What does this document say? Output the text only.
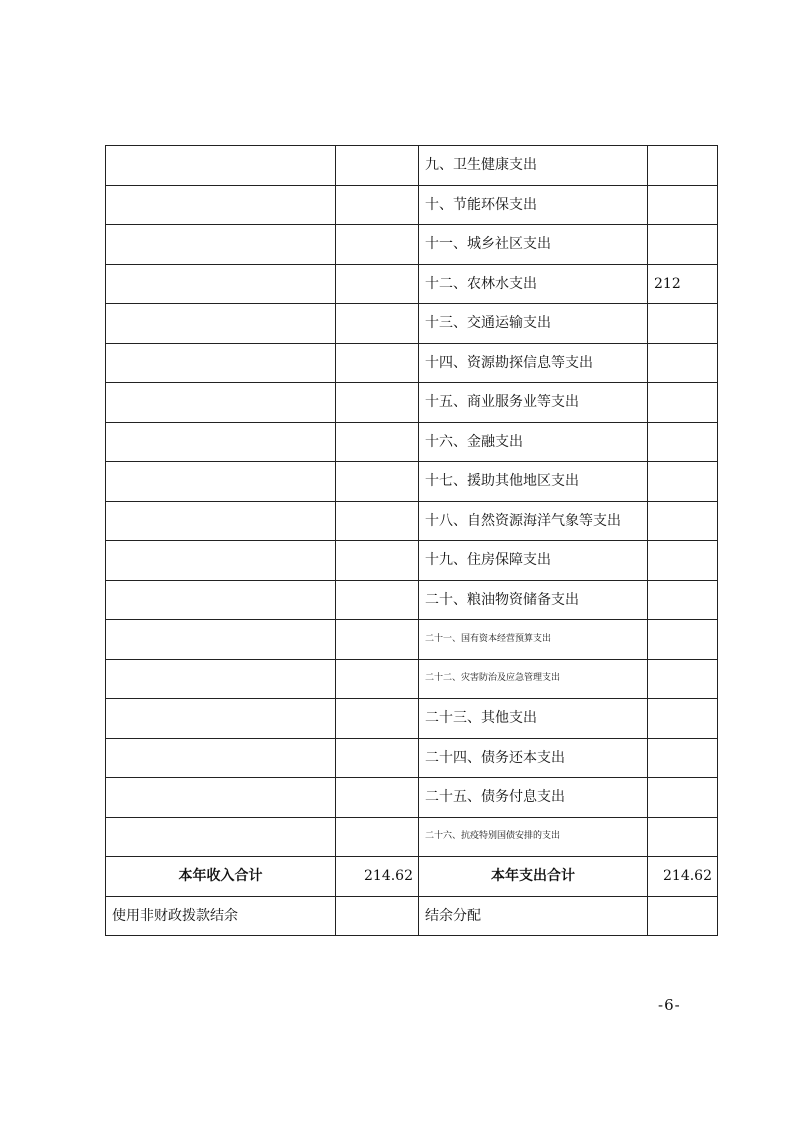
		九、卫生健康支出	
		十、节能环保支出	
		十一、城乡社区支出	
		十二、农林水支出	212
		十三、交通运输支出	
		十四、资源勘探信息等支出	
		十五、商业服务业等支出	
		十六、金融支出	
		十七、援助其他地区支出	
		十八、自然资源海洋气象等支出	
		十九、住房保障支出	
		二十、粮油物资储备支出	
		二十一、国有资本经营预算支出	
		二十二、灾害防治及应急管理支出	
		二十三、其他支出	
		二十四、债务还本支出	
		二十五、债务付息支出	
		二十六、抗疫特别国债安排的支出	
本年收入合计	214.62	本年支出合计	214.62
使用非财政拨款结余		结余分配	
-6-
